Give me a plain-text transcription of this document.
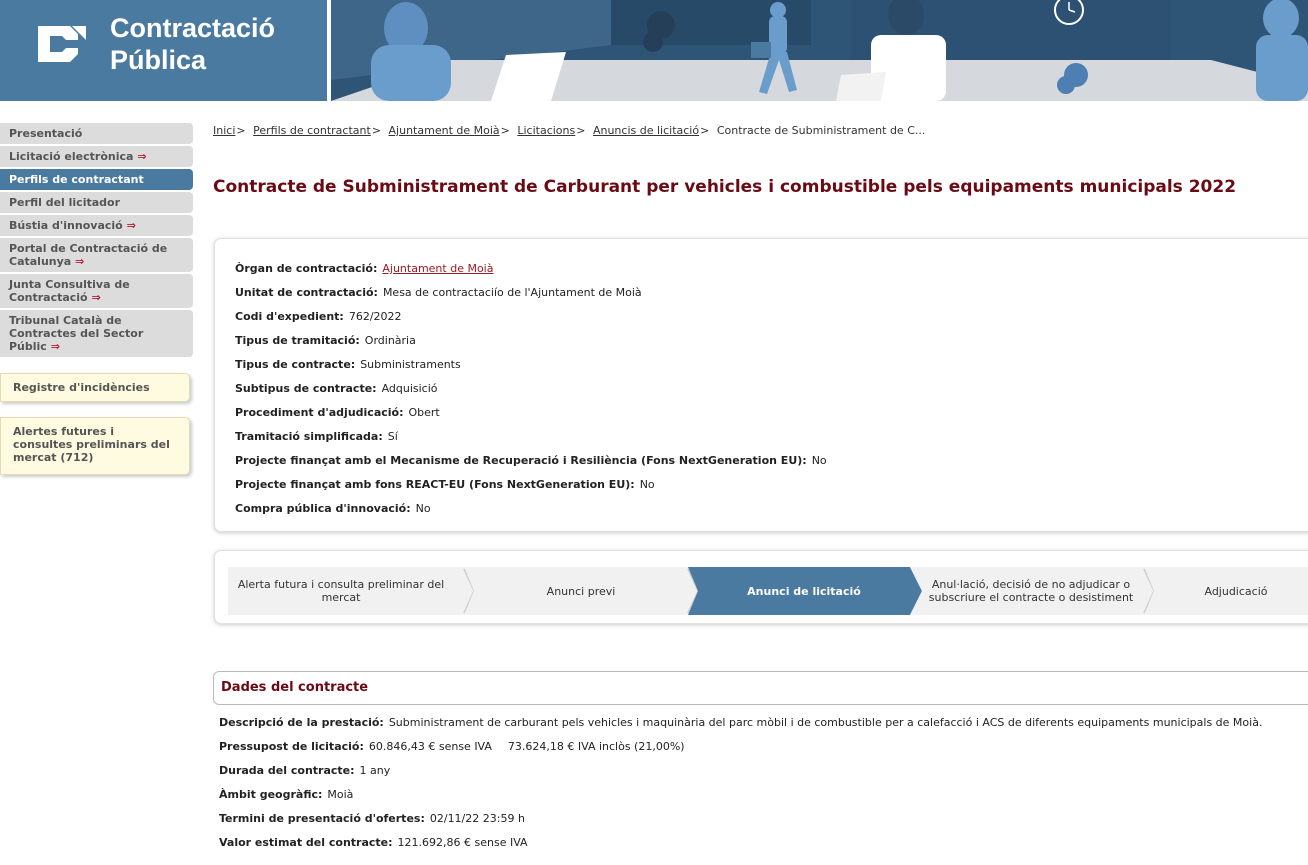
Contractació
Pública
Presentació
Licitació electrònica ⇒
Perfils de contractant
Perfil del licitador
Bústia d'innovació ⇒
Portal de Contractació de Catalunya ⇒
Junta Consultiva de Contractació ⇒
Tribunal Català de Contractes del Sector Públic ⇒
Registre d'incidències
Alertes futures i consultes preliminars del mercat (712)
Inici> Perfils de contractant> Ajuntament de Moià> Licitacions> Anuncis de licitació> Contracte de Subministrament de C...
Contracte de Subministrament de Carburant per vehicles i combustible pels equipaments municipals 2022
Òrgan de contractació: Ajuntament de Moià
Unitat de contractació: Mesa de contractaciío de l'Ajuntament de Moià
Codi d'expedient: 762/2022
Tipus de tramitació: Ordinària
Tipus de contracte: Subministraments
Subtipus de contracte: Adquisició
Procediment d'adjudicació: Obert
Tramitació simplificada: Sí
Projecte finançat amb el Mecanisme de Recuperació i Resiliència (Fons NextGeneration EU): No
Projecte finançat amb fons REACT-EU (Fons NextGeneration EU): No
Compra pública d'innovació: No
Alerta futura i consulta preliminar del mercat	Anunci previ	Anunci de licitació	Anul·lació, decisió de no adjudicar o subscriure el contracte o desistiment	Adjudicació
Dades del contracte
Descripció de la prestació: Subministrament de carburant pels vehicles i maquinària del parc mòbil i de combustible per a calefacció i ACS de diferents equipaments municipals de Moià.
Pressupost de licitació: 60.846,43 € sense IVA 73.624,18 € IVA inclòs (21,00%)
Durada del contracte: 1 any
Àmbit geogràfic: Moià
Termini de presentació d'ofertes: 02/11/22 23:59 h
Valor estimat del contracte: 121.692,86 € sense IVA
